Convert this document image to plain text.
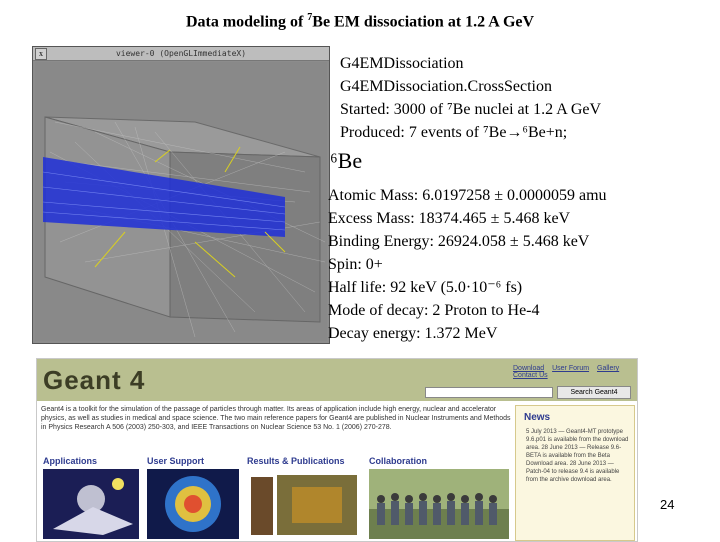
Data modeling of $^7$Be EM dissociation at 1.2 A GeV
viewer-0 (OpenGLImmediateX)
x
G4EMDissociation
G4EMDissociation.CrossSection
Started: 3000 of ⁷Be nuclei at 1.2 A GeV
Produced: 7 events of ⁷Be→⁶Be+n;
⁶Be
Atomic Mass: 6.0197258 ± 0.0000059 amu
Excess Mass: 18374.465 ± 5.468 keV
Binding Energy: 26924.058 ± 5.468 keV
Spin: 0+
Half life: 92 keV (5.0·10⁻⁶ fs)
Mode of decay: 2 Proton to He-4
Decay energy: 1.372 MeV
Geant 4	Download User Forum Gallery Contact Us
Search Geant4
Geant4 is a toolkit for the simulation of the passage of particles through matter. Its areas of application include high energy, nuclear and accelerator physics, as well as studies in medical and space science. The two main reference papers for Geant4 are published in Nuclear Instruments and Methods in Physics Research A 506 (2003) 250-303, and IEEE Transactions on Nuclear Science 53 No. 1 (2006) 270-278.
Applications	User Support	Results & Publications	Collaboration
News
5 July 2013 — Geant4-MT prototype 9.6.p01 is available from the download area. 28 June 2013 — Release 9.6-BETA is available from the Beta Download area. 28 June 2013 — Patch-04 to release 9.4 is available from the archive download area.
24
